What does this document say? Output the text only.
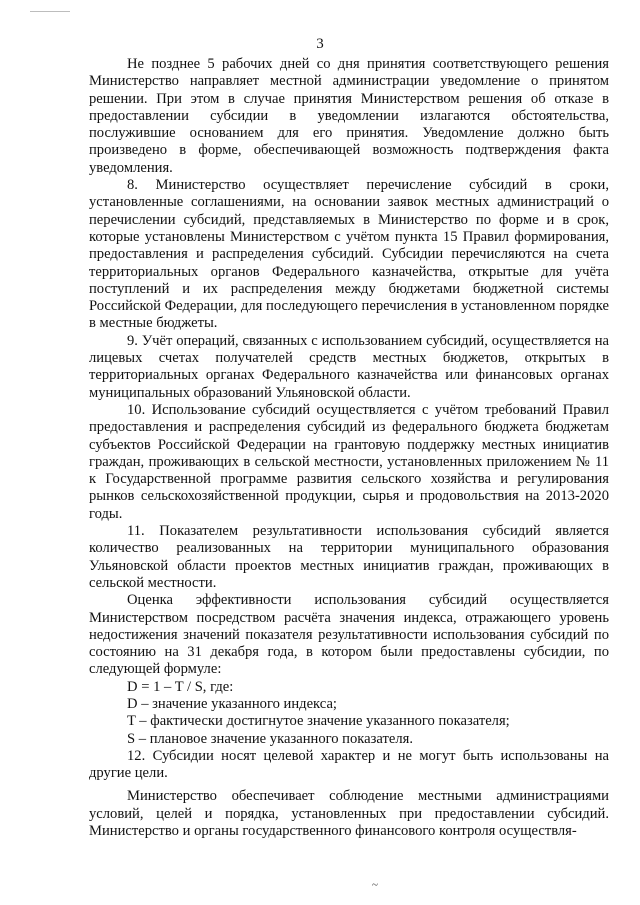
3

Не позднее 5 рабочих дней со дня принятия соответствующего решения Министерство направляет местной администрации уведомление о принятом решении. При этом в случае принятия Министерством решения об отказе в предоставлении субсидии в уведомлении излагаются обстоятельства, послужившие основанием для его принятия. Уведомление должно быть произведено в форме, обеспечивающей возможность подтверждения факта уведомления.

8. Министерство осуществляет перечисление субсидий в сроки, установленные соглашениями, на основании заявок местных администраций о перечислении субсидий, представляемых в Министерство по форме и в срок, которые установлены Министерством с учётом пункта 15 Правил формирования, предоставления и распределения субсидий. Субсидии перечисляются на счета территориальных органов Федерального казначейства, открытые для учёта поступлений и их распределения между бюджетами бюджетной системы Российской Федерации, для последующего перечисления в установленном порядке в местные бюджеты.

9. Учёт операций, связанных с использованием субсидий, осуществляется на лицевых счетах получателей средств местных бюджетов, открытых в территориальных органах Федерального казначейства или финансовых органах муниципальных образований Ульяновской области.

10. Использование субсидий осуществляется с учётом требований Правил предоставления и распределения субсидий из федерального бюджета бюджетам субъектов Российской Федерации на грантовую поддержку местных инициатив граждан, проживающих в сельской местности, установленных приложением № 11 к Государственной программе развития сельского хозяйства и регулирования рынков сельскохозяйственной продукции, сырья и продовольствия на 2013-2020 годы.

11. Показателем результативности использования субсидий является количество реализованных на территории муниципального образования Ульяновской области проектов местных инициатив граждан, проживающих в сельской местности.

Оценка эффективности использования субсидий осуществляется Министерством посредством расчёта значения индекса, отражающего уровень недостижения значений показателя результативности использования субсидий по состоянию на 31 декабря года, в котором были предоставлены субсидии, по следующей формуле:

D = 1 – T / S, где:

D – значение указанного индекса;

T – фактически достигнутое значение указанного показателя;

S – плановое значение указанного показателя.

12. Субсидии носят целевой характер и не могут быть использованы на другие цели.

Министерство обеспечивает соблюдение местными администрациями условий, целей и порядка, установленных при предоставлении субсидий. Министерство и органы государственного финансового контроля осуществля-

~
